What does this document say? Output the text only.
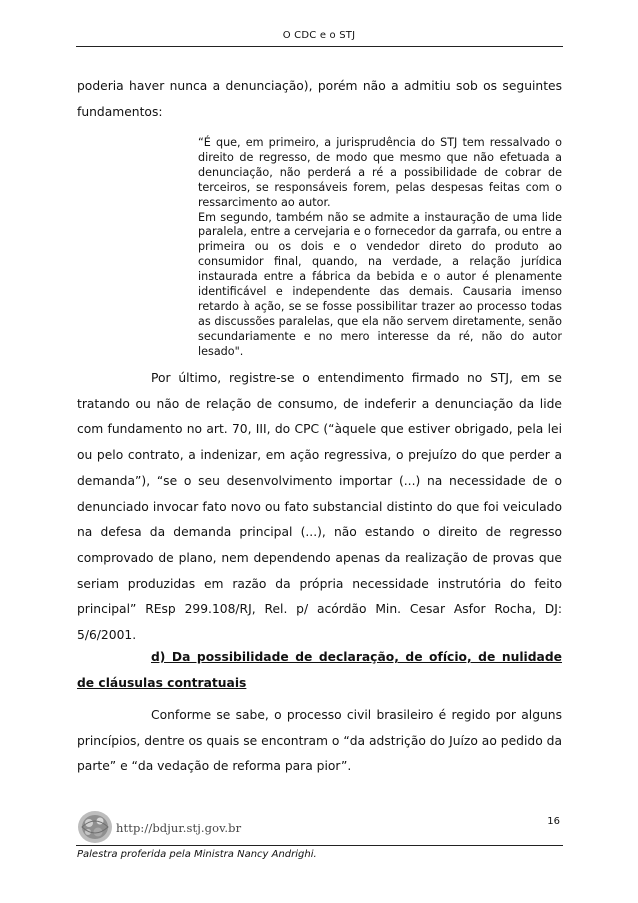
O CDC e o STJ
poderia haver nunca a denunciação), porém não a admitiu sob os seguintes fundamentos:

“É que, em primeiro, a jurisprudência do STJ tem ressalvado o direito de regresso, de modo que mesmo que não efetuada a denunciação, não perderá a ré a possibilidade de cobrar de terceiros, se responsáveis forem, pelas despesas feitas com o ressarcimento ao autor.

Em segundo, também não se admite a instauração de uma lide paralela, entre a cervejaria e o fornecedor da garrafa, ou entre a primeira ou os dois e o vendedor direto do produto ao consumidor final, quando, na verdade, a relação jurídica instaurada entre a fábrica da bebida e o autor é plenamente identificável e independente das demais. Causaria imenso retardo à ação, se se fosse possibilitar trazer ao processo todas as discussões paralelas, que ela não servem diretamente, senão secundariamente e no mero interesse da ré, não do autor lesado".

Por último, registre-se o entendimento firmado no STJ, em se tratando ou não de relação de consumo, de indeferir a denunciação da lide com fundamento no art. 70, III, do CPC (“àquele que estiver obrigado, pela lei ou pelo contrato, a indenizar, em ação regressiva, o prejuízo do que perder a demanda”), “se o seu desenvolvimento importar (...) na necessidade de o denunciado invocar fato novo ou fato substancial distinto do que foi veiculado na defesa da demanda principal (...), não estando o direito de regresso comprovado de plano, nem dependendo apenas da realização de provas que seriam produzidas em razão da própria necessidade instrutória do feito principal” REsp 299.108/RJ, Rel. p/ acórdão Min. Cesar Asfor Rocha, DJ: 5/6/2001.
d) Da possibilidade de declaração, de ofício, de nulidade de cláusulas contratuais
Conforme se sabe, o processo civil brasileiro é regido por alguns princípios, dentre os quais se encontram o “da adstrição do Juízo ao pedido da parte” e “da vedação de reforma para pior”.
16
http://bdjur.stj.gov.br
Palestra proferida pela Ministra Nancy Andrighi.
